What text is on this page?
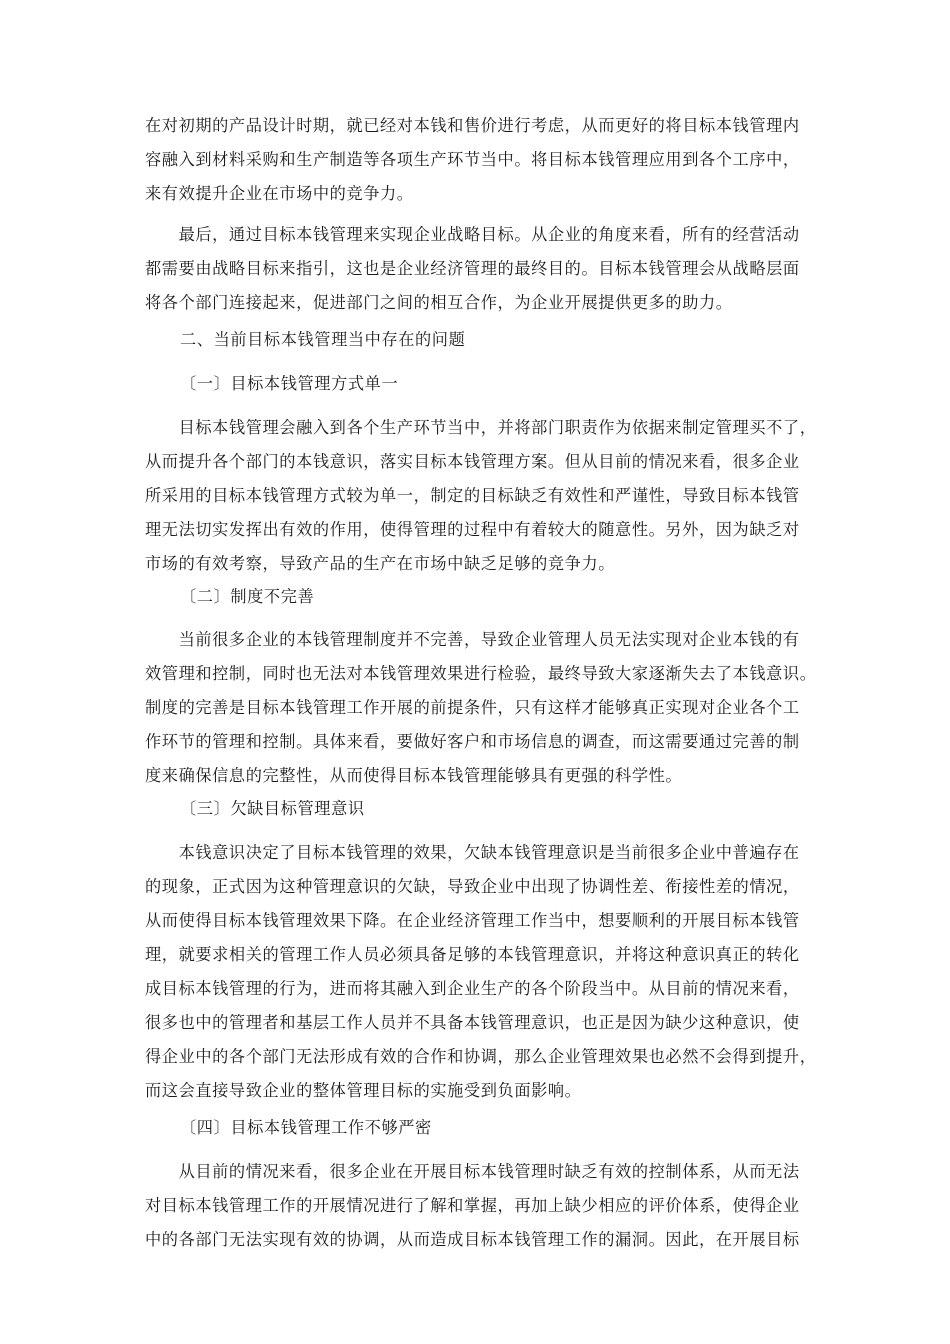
在对初期的产品设计时期，就已经对本钱和售价进行考虑，从而更好的将目标本钱管理内
容融入到材料采购和生产制造等各项生产环节当中。将目标本钱管理应用到各个工序中，
来有效提升企业在市场中的竞争力。
　　最后，通过目标本钱管理来实现企业战略目标。从企业的角度来看，所有的经营活动
都需要由战略目标来指引，这也是企业经济管理的最终目的。目标本钱管理会从战略层面
将各个部门连接起来，促进部门之间的相互合作，为企业开展提供更多的助力。
二、当前目标本钱管理当中存在的问题
〔一〕目标本钱管理方式单一
　　目标本钱管理会融入到各个生产环节当中，并将部门职责作为依据来制定管理买不了，
从而提升各个部门的本钱意识，落实目标本钱管理方案。但从目前的情况来看，很多企业
所采用的目标本钱管理方式较为单一，制定的目标缺乏有效性和严谨性，导致目标本钱管
理无法切实发挥出有效的作用，使得管理的过程中有着较大的随意性。另外，因为缺乏对
市场的有效考察，导致产品的生产在市场中缺乏足够的竞争力。
〔二〕制度不完善
　　当前很多企业的本钱管理制度并不完善，导致企业管理人员无法实现对企业本钱的有
效管理和控制，同时也无法对本钱管理效果进行检验，最终导致大家逐渐失去了本钱意识。
制度的完善是目标本钱管理工作开展的前提条件，只有这样才能够真正实现对企业各个工
作环节的管理和控制。具体来看，要做好客户和市场信息的调查，而这需要通过完善的制
度来确保信息的完整性，从而使得目标本钱管理能够具有更强的科学性。
〔三〕欠缺目标管理意识
　　本钱意识决定了目标本钱管理的效果，欠缺本钱管理意识是当前很多企业中普遍存在
的现象，正式因为这种管理意识的欠缺，导致企业中出现了协调性差、衔接性差的情况，
从而使得目标本钱管理效果下降。在企业经济管理工作当中，想要顺利的开展目标本钱管
理，就要求相关的管理工作人员必须具备足够的本钱管理意识，并将这种意识真正的转化
成目标本钱管理的行为，进而将其融入到企业生产的各个阶段当中。从目前的情况来看，
很多也中的管理者和基层工作人员并不具备本钱管理意识，也正是因为缺少这种意识，使
得企业中的各个部门无法形成有效的合作和协调，那么企业管理效果也必然不会得到提升，
而这会直接导致企业的整体管理目标的实施受到负面影响。
〔四〕目标本钱管理工作不够严密
　　从目前的情况来看，很多企业在开展目标本钱管理时缺乏有效的控制体系，从而无法
对目标本钱管理工作的开展情况进行了解和掌握，再加上缺少相应的评价体系，使得企业
中的各部门无法实现有效的协调，从而造成目标本钱管理工作的漏洞。因此，在开展目标
